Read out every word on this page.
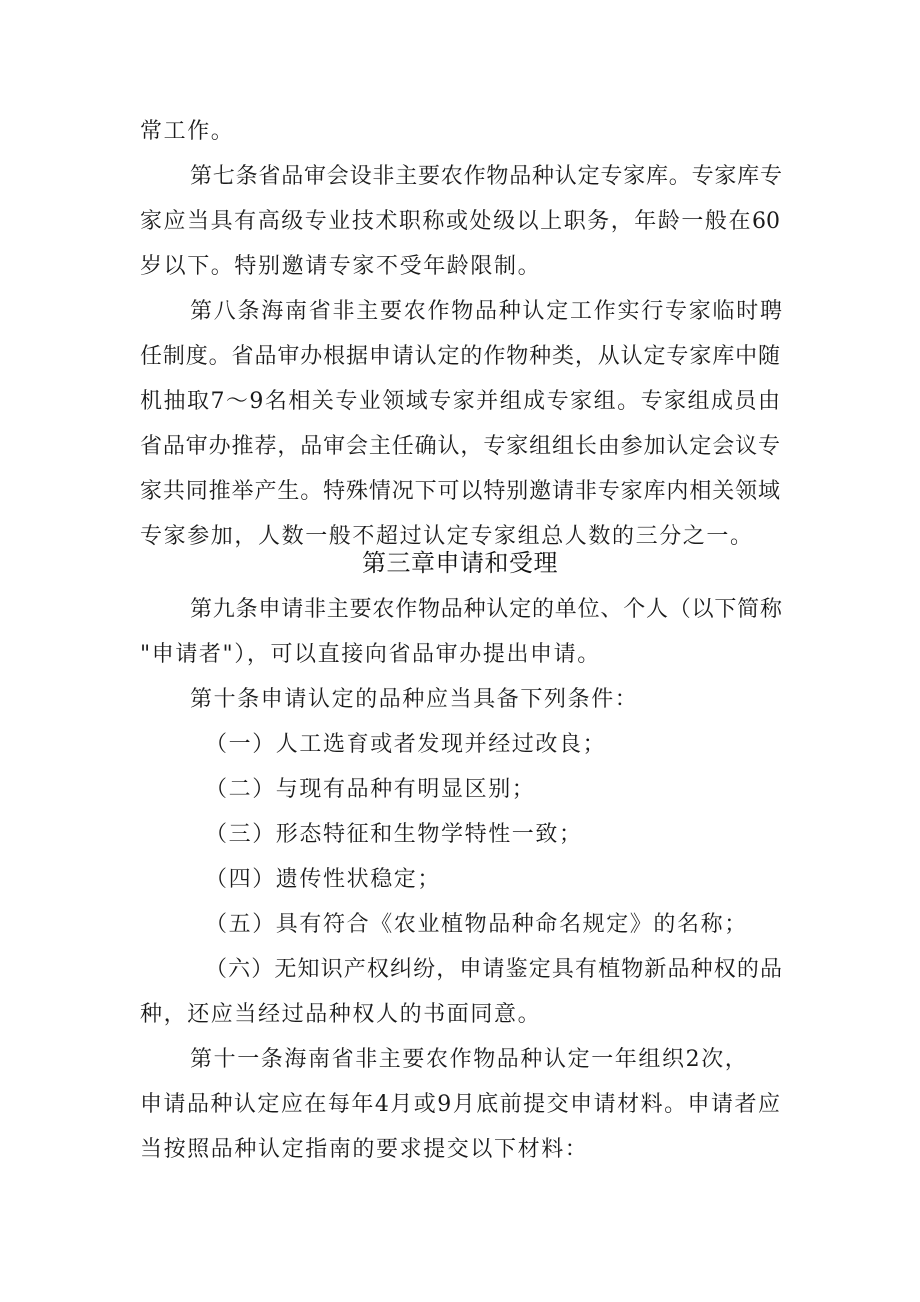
常工作。
第七条省品审会设非主要农作物品种认定专家库。专家库专
家应当具有高级专业技术职称或处级以上职务，年龄一般在60
岁以下。特别邀请专家不受年龄限制。
第八条海南省非主要农作物品种认定工作实行专家临时聘
任制度。省品审办根据申请认定的作物种类，从认定专家库中随
机抽取7～9名相关专业领域专家并组成专家组。专家组成员由
省品审办推荐，品审会主任确认，专家组组长由参加认定会议专
家共同推举产生。特殊情况下可以特别邀请非专家库内相关领域
专家参加，人数一般不超过认定专家组总人数的三分之一。
第三章申请和受理
第九条申请非主要农作物品种认定的单位、个人（以下简称
"申请者"），可以直接向省品审办提出申请。
第十条申请认定的品种应当具备下列条件：
（一）人工选育或者发现并经过改良；
（二）与现有品种有明显区别；
（三）形态特征和生物学特性一致；
（四）遗传性状稳定；
（五）具有符合《农业植物品种命名规定》的名称；
（六）无知识产权纠纷，申请鉴定具有植物新品种权的品
种，还应当经过品种权人的书面同意。
第十一条海南省非主要农作物品种认定一年组织2次，
申请品种认定应在每年4月或9月底前提交申请材料。申请者应
当按照品种认定指南的要求提交以下材料：
